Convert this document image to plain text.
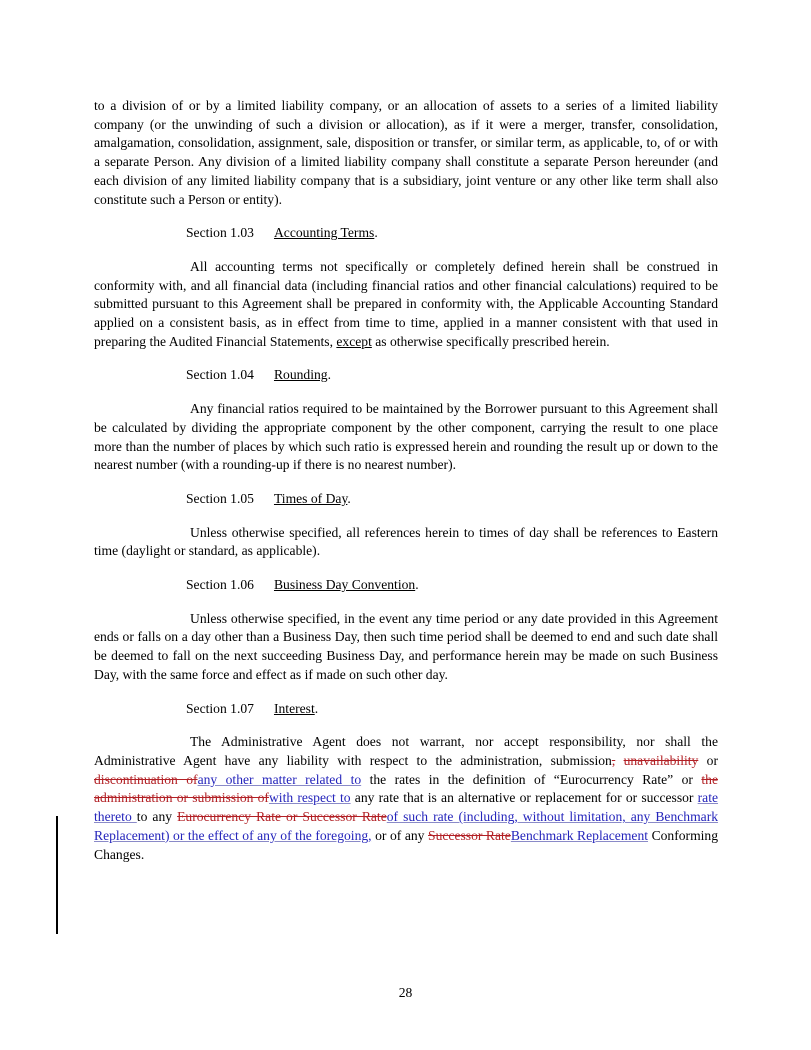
to a division of or by a limited liability company, or an allocation of assets to a series of a limited liability company (or the unwinding of such a division or allocation), as if it were a merger, transfer, consolidation, amalgamation, consolidation, assignment, sale, disposition or transfer, or similar term, as applicable, to, of or with a separate Person. Any division of a limited liability company shall constitute a separate Person hereunder (and each division of any limited liability company that is a subsidiary, joint venture or any other like term shall also constitute such a Person or entity).

Section 1.03 Accounting Terms.

All accounting terms not specifically or completely defined herein shall be construed in conformity with, and all financial data (including financial ratios and other financial calculations) required to be submitted pursuant to this Agreement shall be prepared in conformity with, the Applicable Accounting Standard applied on a consistent basis, as in effect from time to time, applied in a manner consistent with that used in preparing the Audited Financial Statements, except as otherwise specifically prescribed herein.

Section 1.04 Rounding.

Any financial ratios required to be maintained by the Borrower pursuant to this Agreement shall be calculated by dividing the appropriate component by the other component, carrying the result to one place more than the number of places by which such ratio is expressed herein and rounding the result up or down to the nearest number (with a rounding-up if there is no nearest number).

Section 1.05 Times of Day.

Unless otherwise specified, all references herein to times of day shall be references to Eastern time (daylight or standard, as applicable).

Section 1.06 Business Day Convention.

Unless otherwise specified, in the event any time period or any date provided in this Agreement ends or falls on a day other than a Business Day, then such time period shall be deemed to end and such date shall be deemed to fall on the next succeeding Business Day, and performance herein may be made on such Business Day, with the same force and effect as if made on such other day.

Section 1.07 Interest.

The Administrative Agent does not warrant, nor accept responsibility, nor shall the Administrative Agent have any liability with respect to the administration, submission, unavailability or discontinuation ofany other matter related to the rates in the definition of “Eurocurrency Rate” or the administration or submission ofwith respect to any rate that is an alternative or replacement for or successor rate thereto to any Eurocurrency Rate or Successor Rateof such rate (including, without limitation, any Benchmark Replacement) or the effect of any of the foregoing, or of any Successor RateBenchmark Replacement Conforming Changes.

28
